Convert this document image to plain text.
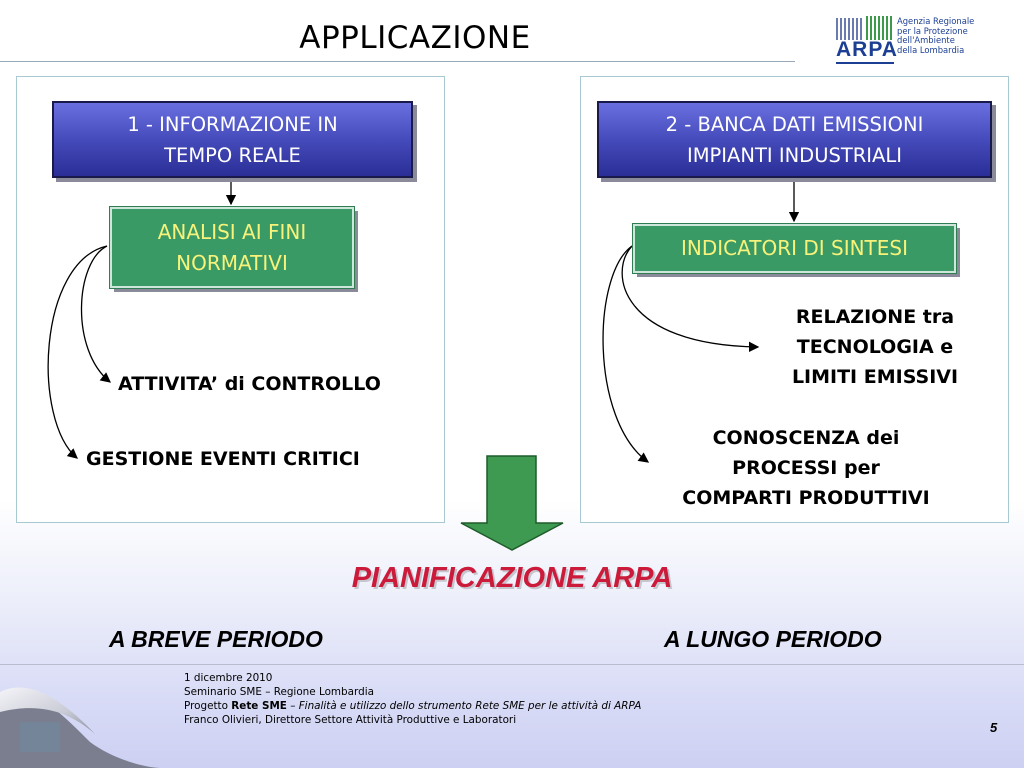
APPLICAZIONE	ARPA
Agenzia Regionale
per la Protezione dell'Ambiente
della Lombardia
1 - INFORMAZIONE IN
TEMPO REALE
ANALISI AI FINI
NORMATIVI
ATTIVITA’ di CONTROLLO
GESTIONE EVENTI CRITICI
2 - BANCA DATI EMISSIONI
IMPIANTI INDUSTRIALI
INDICATORI DI SINTESI
RELAZIONE tra
TECNOLOGIA e
LIMITI EMISSIVI
CONOSCENZA dei
PROCESSI per
COMPARTI PRODUTTIVI
PIANIFICAZIONE ARPA
A BREVE PERIODO	A LUNGO PERIODO
1 dicembre 2010
Seminario SME – Regione Lombardia
Progetto Rete SME – Finalità e utilizzo dello strumento Rete SME per le attività di ARPA
Franco Olivieri, Direttore Settore Attività Produttive e Laboratori	5
